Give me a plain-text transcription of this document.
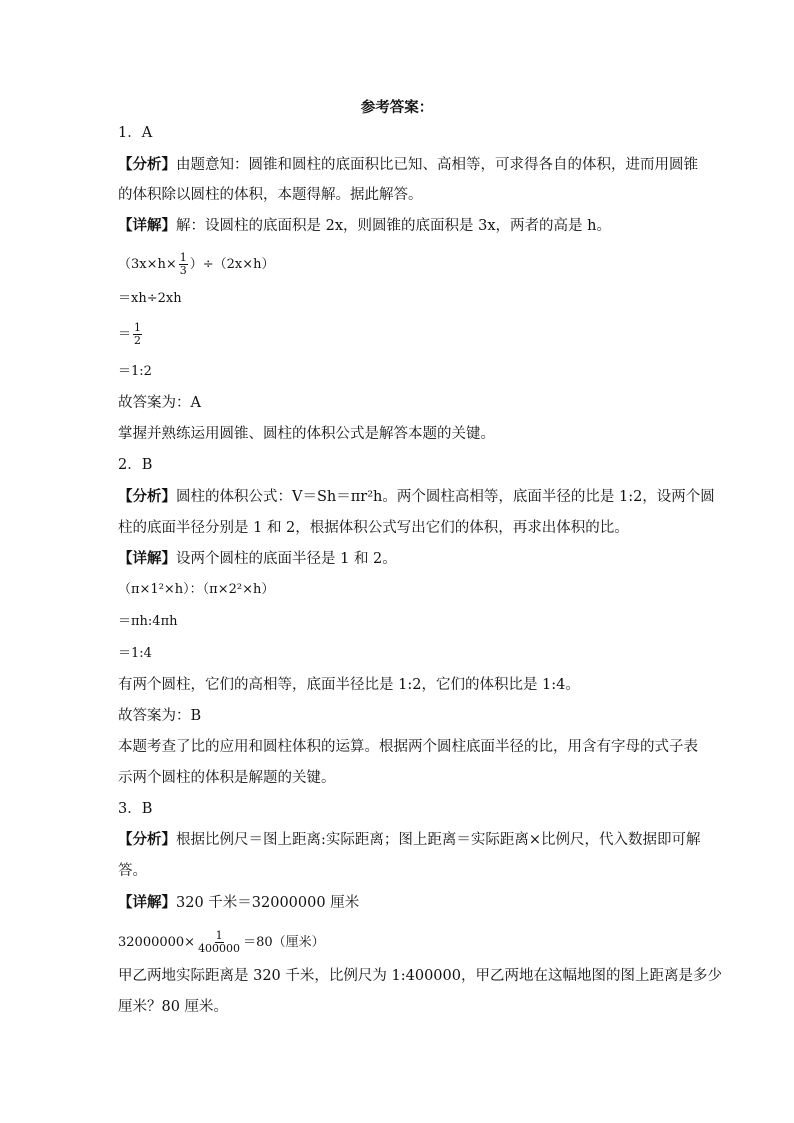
参考答案：
1．A
【分析】 由题意知：圆锥和圆柱的底面积比已知、高相等，可求得各自的体积，进而用圆锥
的体积除以圆柱的体积，本题得解。据此解答。
【详解】 解：设圆柱的底面积是 2x，则圆锥的底面积是 3x，两者的高是 h。
$(3x\times h\times \frac{1}{3} )\div(2x\times h)$
＝xh÷2xh
＝ $\frac{1}{2}$
＝1:2
故答案为：A
掌握并熟练运用圆锥、圆柱的体积公式是解答本题的关键。
2．B
【分析】 圆柱的体积公式：V＝Sh＝πr²h。两个圆柱高相等，底面半径的比是 1:2，设两个圆
柱的底面半径分别是 1 和 2，根据体积公式写出它们的体积，再求出体积的比。
【详解】 设两个圆柱的底面半径是 1 和 2。
（π×1²×h）：（π×2²×h）
＝πh:4πh
＝1:4
有两个圆柱，它们的高相等，底面半径比是 1:2，它们的体积比是 1:4。
故答案为：B
本题考查了比的应用和圆柱体积的运算。根据两个圆柱底面半径的比，用含有字母的式子表
示两个圆柱的体积是解题的关键。
3．B
【分析】 根据比例尺＝图上距离:实际距离；图上距离＝实际距离×比例尺，代入数据即可解
答。
【详解】 320 千米＝32000000 厘米
$32000000\times \frac{1}{400000} =80$（厘米）
甲乙两地实际距离是 320 千米，比例尺为 1:400000，甲乙两地在这幅地图的图上距离是多少
厘米？80 厘米。
